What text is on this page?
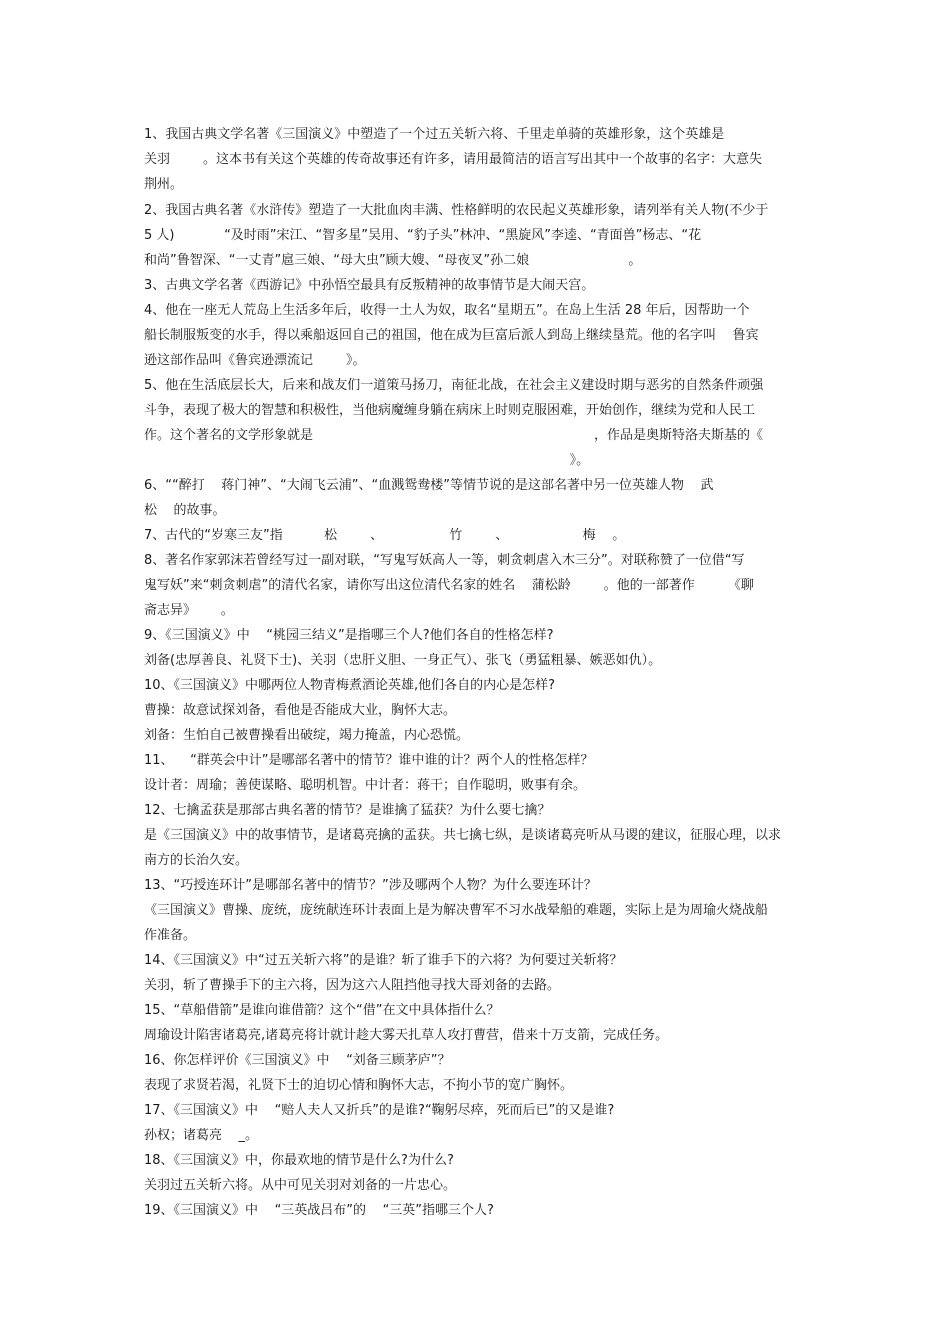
1、我国古典文学名著《三国演义》中塑造了一个过五关斩六将、千里走单骑的英雄形象，这个英雄是

关羽        。这本书有关这个英雄的传奇故事还有许多，请用最简洁的语言写出其中一个故事的名字：大意失

荆州。

2、我国古典名著《水浒传》塑造了一大批血肉丰满、性格鲜明的农民起义英雄形象，请列举有关人物(不少于

5 人)            “及时雨”宋江、“智多星”吴用、“豹子头”林冲、“黑旋风”李逵、“青面兽”杨志、“花

和尚”鲁智深、“一丈青”扈三娘、“母大虫”顾大嫂、“母夜叉”孙二娘                        。

3、古典文学名著《西游记》中孙悟空最具有反叛精神的故事情节是大闹天宫。

4、他在一座无人荒岛上生活多年后，收得一土人为奴，取名“星期五”。在岛上生活 28 年后，因帮助一个

船长制服叛变的水手，得以乘船返回自己的祖国，他在成为巨富后派人到岛上继续垦荒。他的名字叫    鲁宾

逊这部作品叫《鲁宾逊漂流记        》。

5、他在生活底层长大，后来和战友们一道策马扬刀，南征北战，在社会主义建设时期与恶劣的自然条件顽强

斗争，表现了极大的智慧和积极性，当他病魔缠身躺在病床上时则克服困难，开始创作，继续为党和人民工

作。这个著名的文学形象就是                                                                    ，作品是奥斯特洛夫斯基的《

》。

6、““醉打    蒋门神”、“大闹飞云浦”、“血溅鸳鸯楼”等情节说的是这部名著中另一位英雄人物    武

松    的故事。

7、古代的“岁寒三友”指          松        、                竹        、                  梅    。

8、著名作家郭沫若曾经写过一副对联，“写鬼写妖高人一等，刺贪刺虐入木三分”。对联称赞了一位借“写

鬼写妖”来“刺贪刺虐”的清代名家，请你写出这位清代名家的姓名    蒲松龄        。他的一部著作        《聊

斋志异》      。

9、《三国演义》中    “桃园三结义”是指哪三个人?他们各自的性格怎样?

刘备(忠厚善良、礼贤下士)、关羽（忠肝义胆、一身正气）、张飞（勇猛粗暴、嫉恶如仇）。

10、《三国演义》中哪两位人物青梅煮酒论英雄,他们各自的内心是怎样?

曹操：故意试探刘备，看他是否能成大业，胸怀大志。

刘备：生怕自己被曹操看出破绽，竭力掩盖，内心恐慌。

11、    “群英会中计”是哪部名著中的情节？谁中谁的计？两个人的性格怎样？

设计者：周瑜；善使谋略、聪明机智。中计者：蒋干；自作聪明，败事有余。

12、七擒孟获是那部古典名著的情节？是谁擒了猛获？为什么要七擒？

是《三国演义》中的故事情节，是诸葛亮擒的孟获。共七擒七纵，是谈诸葛亮听从马谡的建议，征服心理，以求

南方的长治久安。

13、“巧授连环计”是哪部名著中的情节？”涉及哪两个人物？为什么要连环计？

《三国演义》曹操、庞统，庞统献连环计表面上是为解决曹军不习水战晕船的难题，实际上是为周瑜火烧战船

作准备。

14、《三国演义》中“过五关斩六将”的是谁？斩了谁手下的六将？为何要过关斩将？

关羽，斩了曹操手下的主六将，因为这六人阻挡他寻找大哥刘备的去路。

15、“草船借箭”是谁向谁借箭？这个“借”在文中具体指什么？

周瑜设计陷害诸葛亮,诸葛亮将计就计趁大雾天扎草人攻打曹营，借来十万支箭，完成任务。

16、你怎样评价《三国演义》中    “刘备三顾茅庐”？

表现了求贤若渴，礼贤下士的迫切心情和胸怀大志，不拘小节的宽广胸怀。

17、《三国演义》中    “赔人夫人又折兵”的是谁?“鞠躬尽瘁，死而后已”的又是谁?

孙权；诸葛亮    _。

18、《三国演义》中，你最欢地的情节是什么?为什么?

关羽过五关斩六将。从中可见关羽对刘备的一片忠心。

19、《三国演义》中    “三英战吕布”的    “三英”指哪三个人?
